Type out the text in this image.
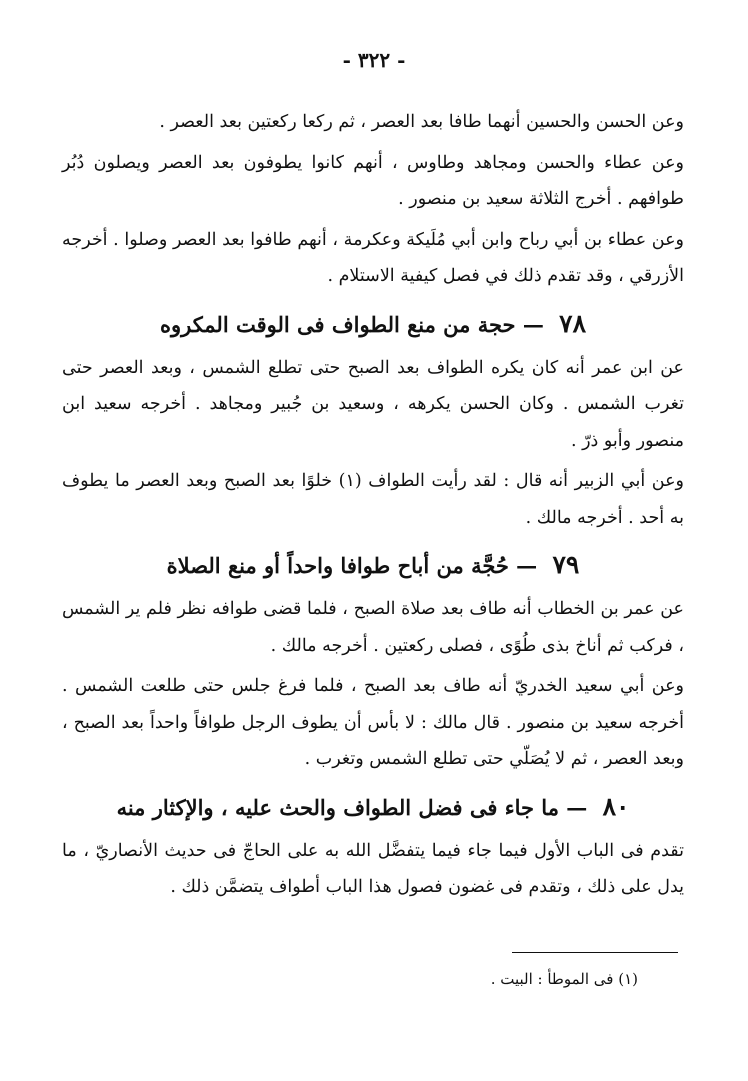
- ٣٢٢ -

وعن الحسن والحسين أنهما طافا بعد العصر ، ثم ركعا ركعتين بعد العصر .

وعن عطاء والحسن ومجاهد وطاوس ، أنهم كانوا يطوفون بعد العصر ويصلون دُبُر طوافهم . أخرج الثلاثة سعيد بن منصور .

وعن عطاء بن أبي رباح وابن أبي مُلَيكة وعكرمة ، أنهم طافوا بعد العصر وصلوا . أخرجه الأزرقي ، وقد تقدم ذلك في فصل كيفية الاستلام .

٧٨ — حجة من منع الطواف فى الوقت المكروه

عن ابن عمر أنه كان يكره الطواف بعد الصبح حتى تطلع الشمس ، وبعد العصر حتى تغرب الشمس . وكان الحسن يكرهه ، وسعيد بن جُبير ومجاهد . أخرجه سعيد ابن منصور وأبو ذرّ .

وعن أبي الزبير أنه قال : لقد رأيت الطواف (١) خلوًا بعد الصبح وبعد العصر ما يطوف به أحد . أخرجه مالك .

٧٩ — حُجَّة من أباح طوافا واحداً أو منع الصلاة

عن عمر بن الخطاب أنه طاف بعد صلاة الصبح ، فلما قضى طوافه نظر فلم ير الشمس ، فركب ثم أناخ بذى طُوًى ، فصلى ركعتين . أخرجه مالك .

وعن أبي سعيد الخدريّ أنه طاف بعد الصبح ، فلما فرغ جلس حتى طلعت الشمس . أخرجه سعيد بن منصور . قال مالك : لا بأس أن يطوف الرجل طوافاً واحداً بعد الصبح ، وبعد العصر ، ثم لا يُصَلّي حتى تطلع الشمس وتغرب .

٨٠ — ما جاء فى فضل الطواف والحث عليه ، والإكثار منه

تقدم فى الباب الأول فيما جاء فيما يتفضَّل الله به على الحاجّ فى حديث الأنصاريّ ، ما يدل على ذلك ، وتقدم فى غضون فصول هذا الباب أطواف يتضمَّن ذلك .

(١) فى الموطأ : البيت .
